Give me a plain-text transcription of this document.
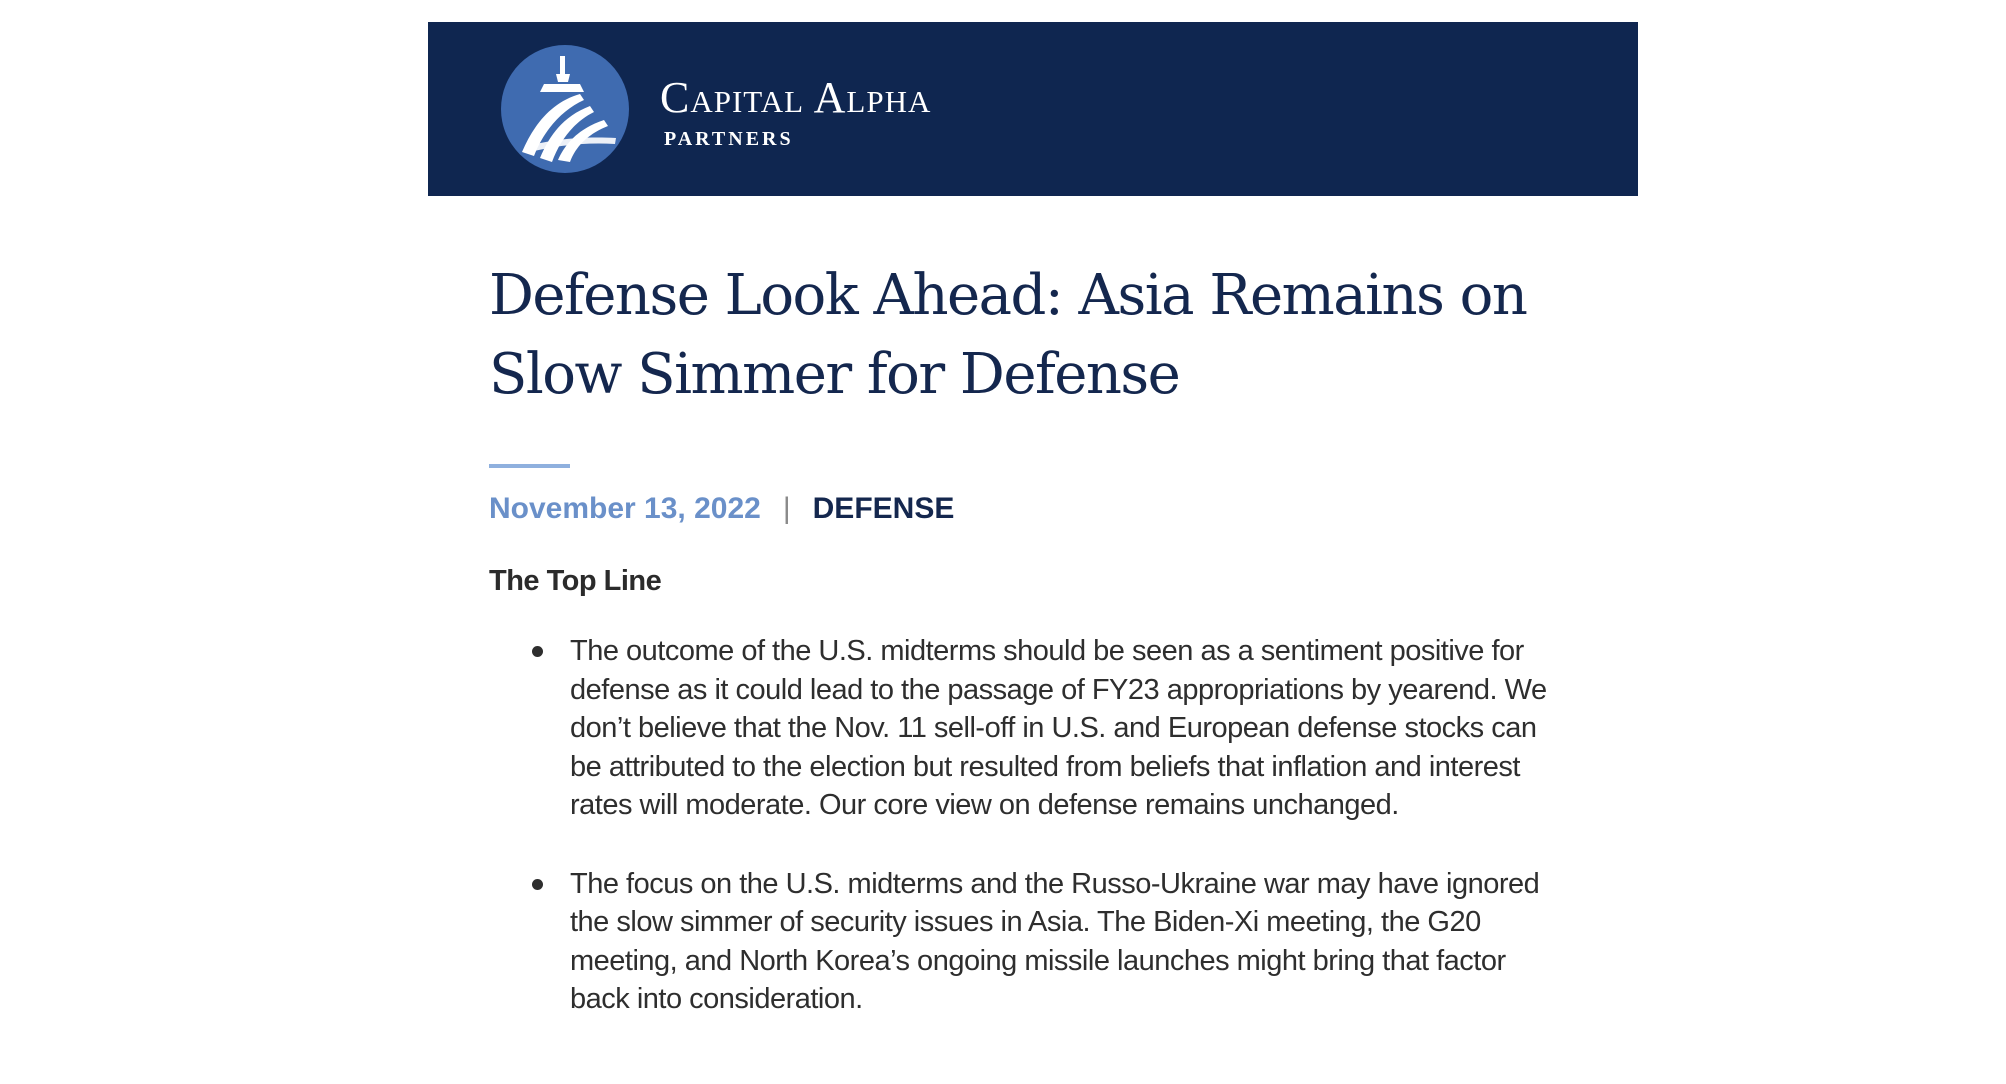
Capital Alpha
PARTNERS
Defense Look Ahead: Asia Remains on Slow Simmer for Defense
November 13, 2022 | DEFENSE
The Top Line
The outcome of the U.S. midterms should be seen as a sentiment positive for defense as it could lead to the passage of FY23 appropriations by yearend. We don’t believe that the Nov. 11 sell-off in U.S. and European defense stocks can be attributed to the election but resulted from beliefs that inflation and interest rates will moderate. Our core view on defense remains unchanged.
The focus on the U.S. midterms and the Russo-Ukraine war may have ignored the slow simmer of security issues in Asia. The Biden-Xi meeting, the G20 meeting, and North Korea’s ongoing missile launches might bring that factor back into consideration.
